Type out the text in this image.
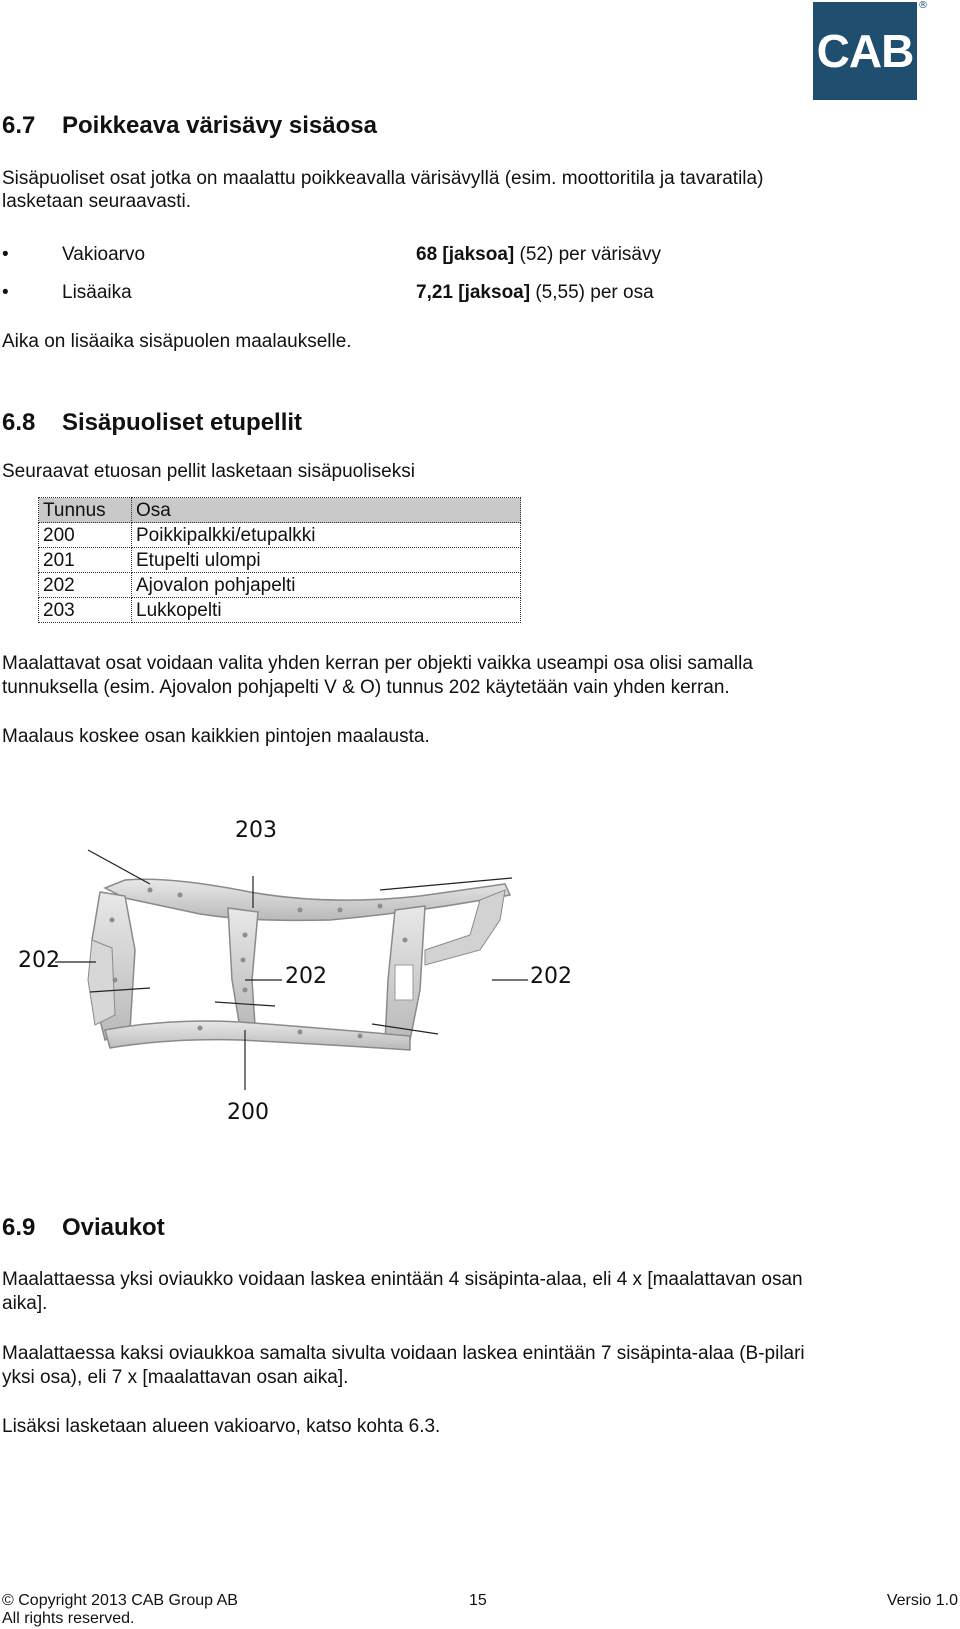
CAB
®
6.7 Poikkeava värisävy sisäosa

Sisäpuoliset osat jotka on maalattu poikkeavalla värisävyllä (esim. moottoritila ja tavaratila)

lasketaan seuraavasti.

•	Vakioarvo	68 [jaksoa] (52) per värisävy
•	Lisäaika	7,21 [jaksoa] (5,55) per osa

Aika on lisäaika sisäpuolen maalaukselle.

6.8 Sisäpuoliset etupellit

Seuraavat etuosan pellit lasketaan sisäpuoliseksi

Tunnus	Osa
200	Poikkipalkki/etupalkki
201	Etupelti ulompi
202	Ajovalon pohjapelti
203	Lukkopelti

Maalattavat osat voidaan valita yhden kerran per objekti vaikka useampi osa olisi samalla

tunnuksella (esim. Ajovalon pohjapelti V & O) tunnus 202 käytetään vain yhden kerran.

Maalaus koskee osan kaikkien pintojen maalausta.

203
202
202	202
200
6.9 Oviaukot

Maalattaessa yksi oviaukko voidaan laskea enintään 4 sisäpinta-alaa, eli 4 x [maalattavan osan

aika].

Maalattaessa kaksi oviaukkoa samalta sivulta voidaan laskea enintään 7 sisäpinta-alaa (B-pilari

yksi osa), eli 7 x [maalattavan osan aika].

Lisäksi lasketaan alueen vakioarvo, katso kohta 6.3.

© Copyright 2013 CAB Group AB
All rights reserved.
15	Versio 1.0
